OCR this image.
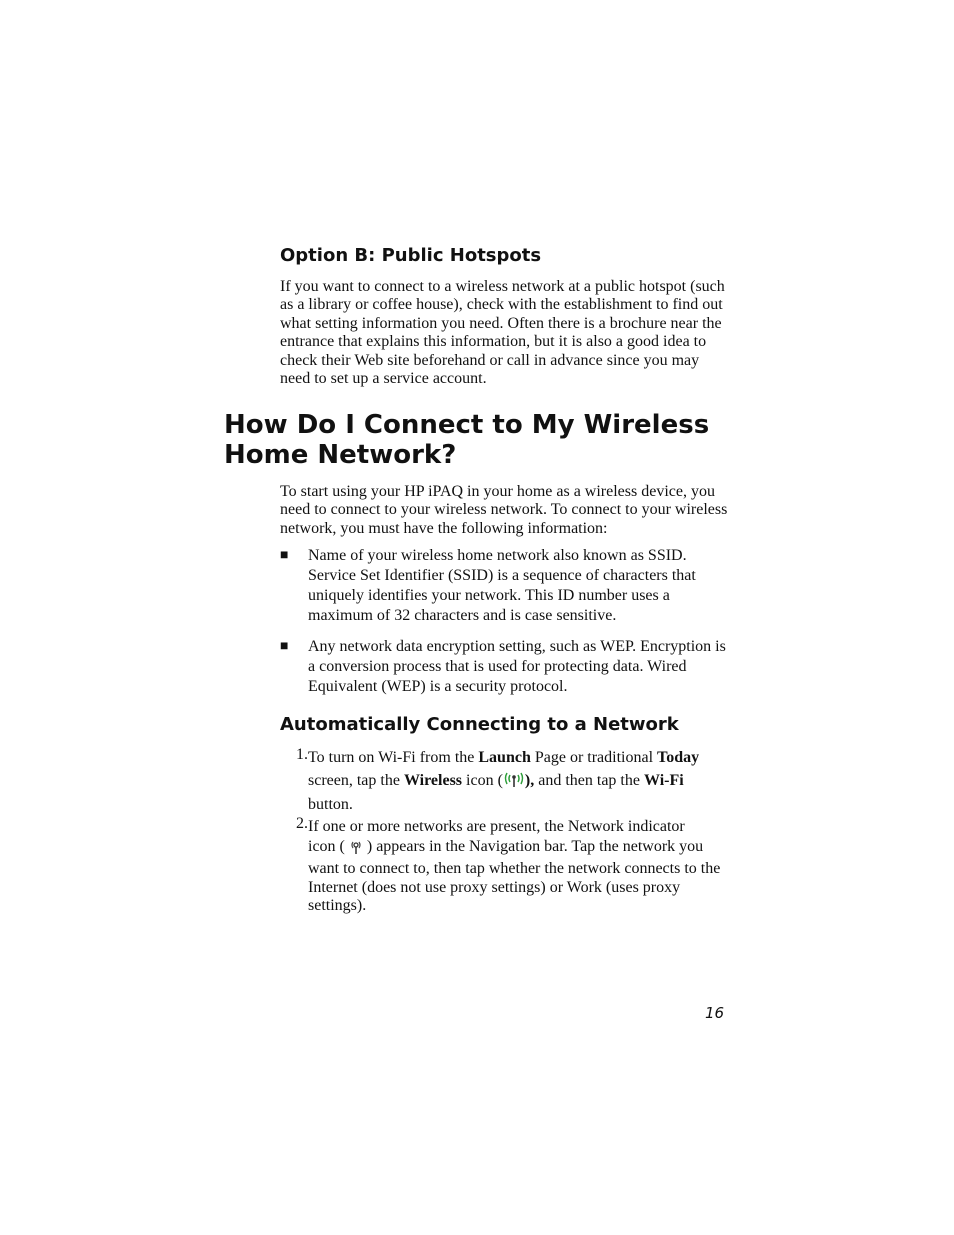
Option B: Public Hotspots

If you want to connect to a wireless network at a public hotspot (such as a library or coffee house), check with the establishment to find out what setting information you need. Often there is a brochure near the entrance that explains this information, but it is also a good idea to check their Web site beforehand or call in advance since you may need to set up a service account.

How Do I Connect to My Wireless Home Network?

To start using your HP iPAQ in your home as a wireless device, you need to connect to your wireless network. To connect to your wireless network, you must have the following information:

■	Name of your wireless home network also known as SSID. Service Set Identifier (SSID) is a sequence of characters that uniquely identifies your network. This ID number uses a maximum of 32 characters and is case sensitive.
■	Any network data encryption setting, such as WEP. Encryption is a conversion process that is used for protecting data. Wired Equivalent (WEP) is a security protocol.
Automatically Connecting to a Network
1. To turn on Wi-Fi from the Launch Page or traditional Today
screen, tap the Wireless icon ( ), and then tap the Wi-Fi
button.
2. If one or more networks are present, the Network indicator
icon ( ) appears in the Navigation bar. Tap the network you want to connect to, then tap whether the network connects to the Internet (does not use proxy settings) or Work (uses proxy settings).
16
